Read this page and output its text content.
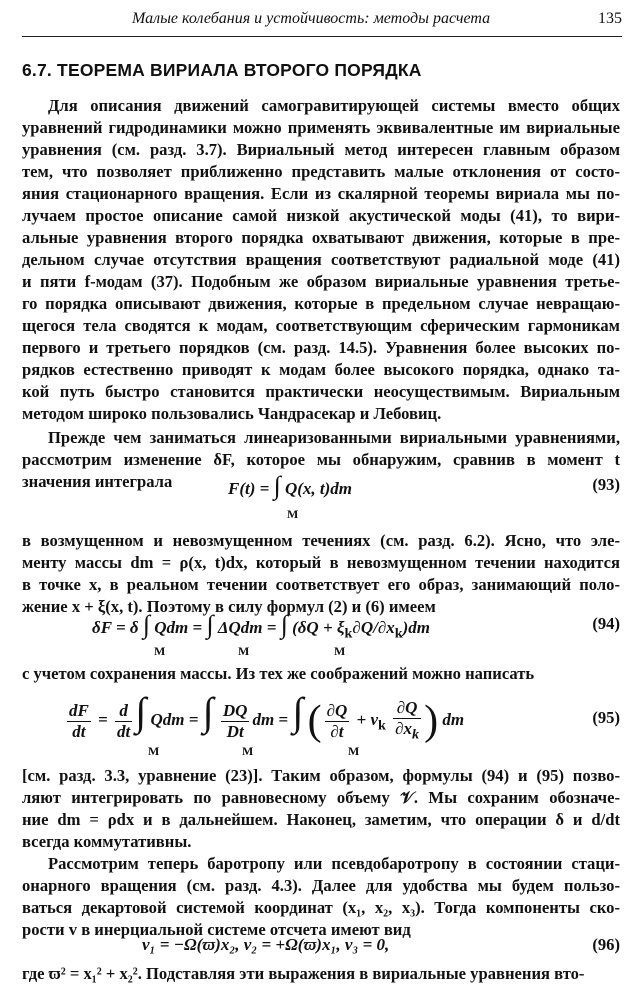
Малые колебания и устойчивость: методы расчета	135
6.7. ТЕОРЕМА ВИРИАЛА ВТОРОГО ПОРЯДКА
Для описания движений самогравитирующей системы вместо общих
уравнений гидродинамики можно применять эквивалентные им вириальные
уравнения (см. разд. 3.7). Вириальный метод интересен главным образом
тем, что позволяет приближенно представить малые отклонения от состо-
яния стационарного вращения. Если из скалярной теоремы вириала мы по-
лучаем простое описание самой низкой акустической моды (41), то вири-
альные уравнения второго порядка охватывают движения, которые в пре-
дельном случае отсутствия вращения соответствуют радиальной моде (41)
и пяти f-модам (37). Подобным же образом вириальные уравнения третье-
го порядка описывают движения, которые в предельном случае невращаю-
щегося тела сводятся к модам, соответствующим сферическим гармоникам
первого и третьего порядков (см. разд. 14.5). Уравнения более высоких по-
рядков естественно приводят к модам более высокого порядка, однако та-
кой путь быстро становится практически неосуществимым. Вириальным
методом широко пользовались Чандрасекар и Лебовиц.
Прежде чем заниматься линеаризованными вириальными уравнениями,
рассмотрим изменение δF, которое мы обнаружим, сравнив в момент t
значения интеграла	F(t) = ∫ Q(x, t)dm
M
(93)
в возмущенном и невозмущенном течениях (см. разд. 6.2). Ясно, что эле-
менту массы dm = ρ(x, t)dx, который в невозмущенном течении находится
в точке x, в реальном течении соответствует его образ, занимающий поло-
жение x + ξ(x, t). Поэтому в силу формул (2) и (6) имеем
δF = δ ∫ Qdm = ∫ ΔQdm = ∫ $(\delta Q + \xi_k\partial Q/\partial x_k)dm$
M	M	M
(94)
с учетом сохранения массы. Из тех же соображений можно написать
$\frac{dF}{dt} = \frac{d}{dt}$ ∫ Qdm = ∫ $\frac{DQ}{Dt}$ dm = ∫ ( $\frac{\partial Q}{\partial t} + v_k \frac{\partial Q}{\partial x_k}$ ) dm
M	M	M
(95)
[см. разд. 3.3, уравнение (23)]. Таким образом, формулы (94) и (95) позво-
ляют интегрировать по равновесному объему 𝒱. Мы сохраним обозначе-
ние dm = ρdx и в дальнейшем. Наконец, заметим, что операции δ и d/dt
всегда коммутативны.
Рассмотрим теперь баротропу или псевдобаротропу в состоянии стаци-
онарного вращения (см. разд. 4.3). Далее для удобства мы будем пользо-
ваться декартовой системой координат (x₁, x₂, x₃). Тогда компоненты ско-
рости v в инерциальной системе отсчета имеют вид
v₁ = −Ω(ϖ)x₂, v₂ = +Ω(ϖ)x₁, v₃ = 0,	(96)
где ϖ² = x₁² + x₂². Подставляя эти выражения в вириальные уравнения вто-
